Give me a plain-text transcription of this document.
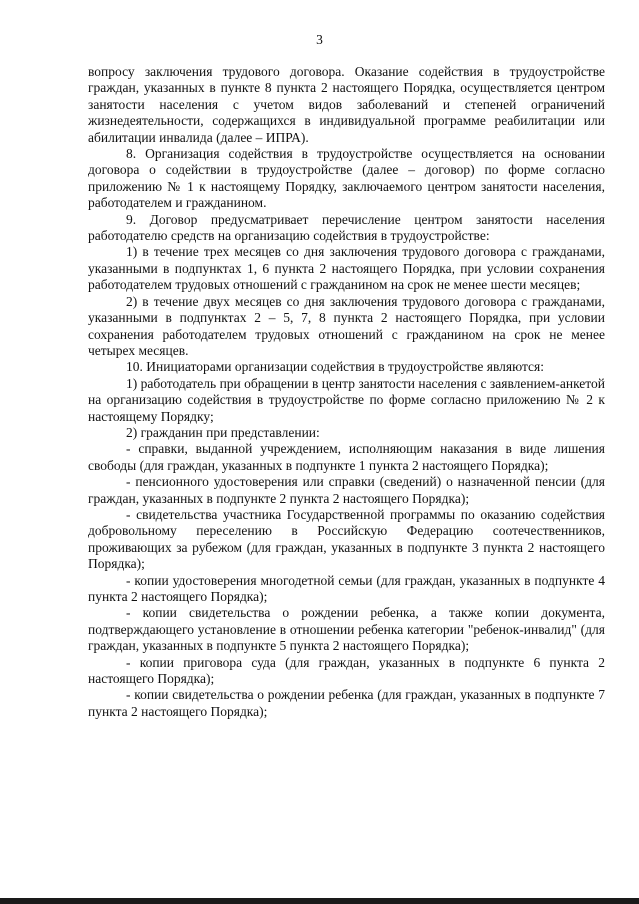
3

вопросу заключения трудового договора. Оказание содействия в трудоустройстве граждан, указанных в пункте 8 пункта 2 настоящего Порядка, осуществляется центром занятости населения с учетом видов заболеваний и степеней ограничений жизнедеятельности, содержащихся в индивидуальной программе реабилитации или абилитации инвалида (далее – ИПРА).

8. Организация содействия в трудоустройстве осуществляется на основании договора о содействии в трудоустройстве (далее – договор) по форме согласно приложению № 1 к настоящему Порядку, заключаемого центром занятости населения, работодателем и гражданином.

9. Договор предусматривает перечисление центром занятости населения работодателю средств на организацию содействия в трудоустройстве:

1) в течение трех месяцев со дня заключения трудового договора с гражданами, указанными в подпунктах 1, 6 пункта 2 настоящего Порядка, при условии сохранения работодателем трудовых отношений с гражданином на срок не менее шести месяцев;

2) в течение двух месяцев со дня заключения трудового договора с гражданами, указанными в подпунктах 2 – 5, 7, 8 пункта 2 настоящего Порядка, при условии сохранения работодателем трудовых отношений с гражданином на срок не менее четырех месяцев.

10. Инициаторами организации содействия в трудоустройстве являются:

1) работодатель при обращении в центр занятости населения с заявлением-анкетой на организацию содействия в трудоустройстве по форме согласно приложению № 2 к настоящему Порядку;

2) гражданин при представлении:

- справки, выданной учреждением, исполняющим наказания в виде лишения свободы (для граждан, указанных в подпункте 1 пункта 2 настоящего Порядка);

- пенсионного удостоверения или справки (сведений) о назначенной пенсии (для граждан, указанных в подпункте 2 пункта 2 настоящего Порядка);

- свидетельства участника Государственной программы по оказанию содействия добровольному переселению в Российскую Федерацию соотечественников, проживающих за рубежом (для граждан, указанных в подпункте 3 пункта 2 настоящего Порядка);

- копии удостоверения многодетной семьи (для граждан, указанных в подпункте 4 пункта 2 настоящего Порядка);

- копии свидетельства о рождении ребенка, а также копии документа, подтверждающего установление в отношении ребенка категории "ребенок-инвалид" (для граждан, указанных в подпункте 5 пункта 2 настоящего Порядка);

- копии приговора суда (для граждан, указанных в подпункте 6 пункта 2 настоящего Порядка);

- копии свидетельства о рождении ребенка (для граждан, указанных в подпункте 7 пункта 2 настоящего Порядка);
